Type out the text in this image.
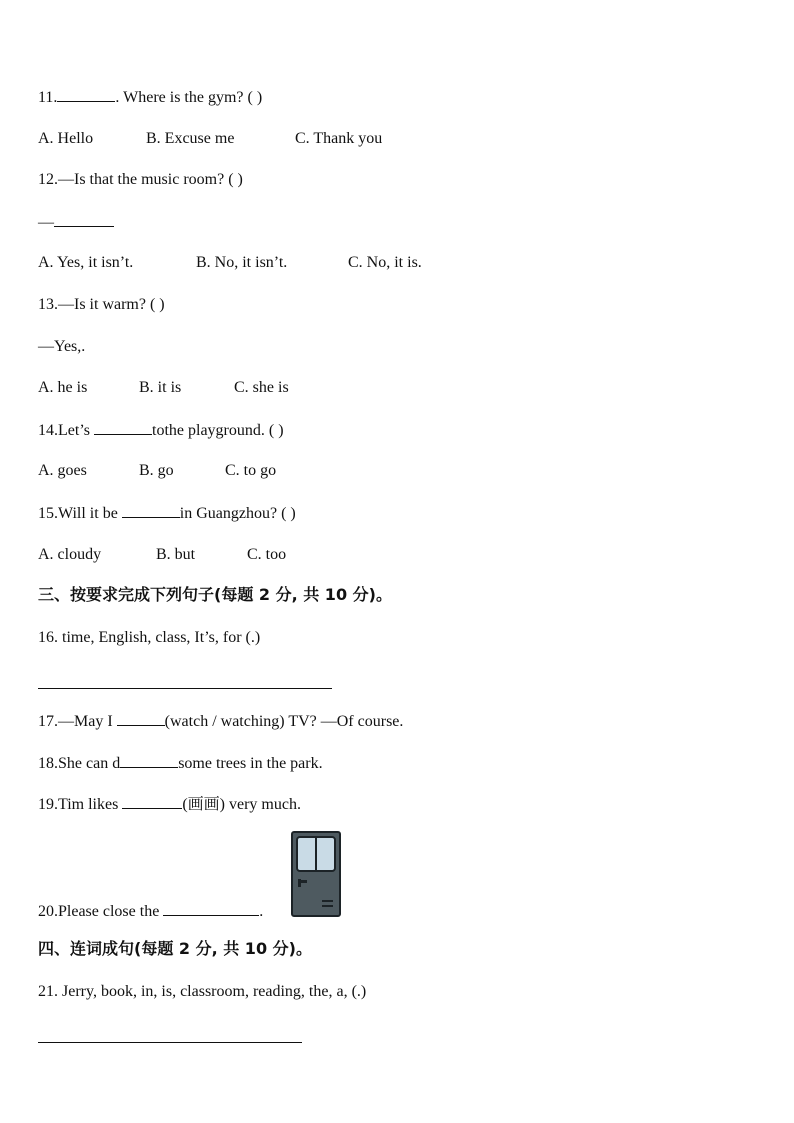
11.	. Where is the gym? ( )
A. Hello	B. Excuse me	C. Thank you
12.—Is that the music room? ( )
—
A. Yes, it isn’t.	B. No, it isn’t.	C. No, it is.
13.—Is it warm? ( )
—Yes,.
A. he is	B. it is	C. she is
14.Let’s	tothe playground. ( )
A. goes	B. go	C. to go
15.Will it be	in Guangzhou? ( )
A. cloudy	B. but	C. too
三、按要求完成下列句子(每题 2 分, 共 10 分)。
16. time, English, class, It’s, for (.)
17.—May I	(watch / watching) TV? —Of course.
18.She can d	some trees in the park.
19.Tim likes	(画画) very much.
20.Please close the	.
四、连词成句(每题 2 分, 共 10 分)。
21. Jerry, book, in, is, classroom, reading, the, a, (.)
